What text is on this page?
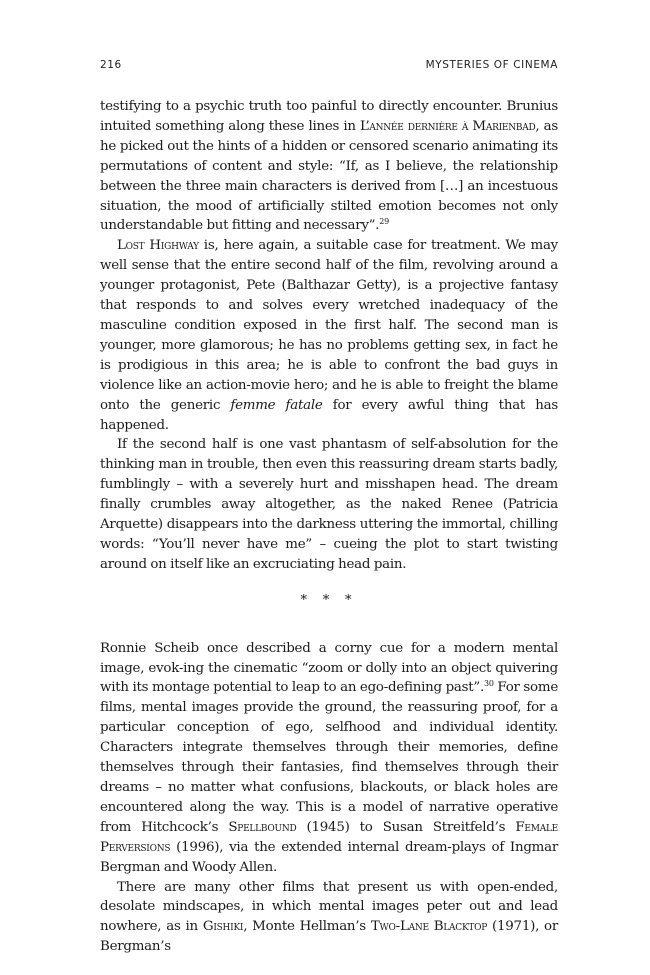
216	MYSTERIES OF CINEMA

testifying to a psychic truth too painful to directly encounter. Brunius intuited something along these lines in L’année dernière à Marienbad, as he picked out the hints of a hidden or censored scenario animating its permutations of content and style: “If, as I believe, the relationship between the three main characters is derived from […] an incestuous situation, the mood of artificially stilted emotion becomes not only understandable but fitting and necessary”.$^{29}$

Lost Highway is, here again, a suitable case for treatment. We may well sense that the entire second half of the film, revolving around a younger protagonist, Pete (Balthazar Getty), is a projective fantasy that responds to and solves every wretched inadequacy of the masculine condition exposed in the first half. The second man is younger, more glamorous; he has no problems getting sex, in fact he is prodigious in this area; he is able to confront the bad guys in violence like an action-movie hero; and he is able to freight the blame onto the generic femme fatale for every awful thing that has happened.

If the second half is one vast phantasm of self-absolution for the thinking man in trouble, then even this reassuring dream starts badly, fumblingly – with a severely hurt and misshapen head. The dream finally crumbles away altogether, as the naked Renee (Patricia Arquette) disappears into the darkness uttering the immortal, chilling words: “You’ll never have me” – cueing the plot to start twisting around on itself like an excruciating head pain.

* * *

Ronnie Scheib once described a corny cue for a modern mental image, evok-ing the cinematic “zoom or dolly into an object quivering with its montage potential to leap to an ego-defining past”.$^{30}$ For some films, mental images provide the ground, the reassuring proof, for a particular conception of ego, selfhood and individual identity. Characters integrate themselves through their memories, define themselves through their fantasies, find themselves through their dreams – no matter what confusions, blackouts, or black holes are encountered along the way. This is a model of narrative operative from Hitchcock’s Spellbound (1945) to Susan Streitfeld’s Female Perversions (1996), via the extended internal dream-plays of Ingmar Bergman and Woody Allen.

There are many other films that present us with open-ended, desolate mindscapes, in which mental images peter out and lead nowhere, as in Gishiki, Monte Hellman’s Two-Lane Blacktop (1971), or Bergman’s
